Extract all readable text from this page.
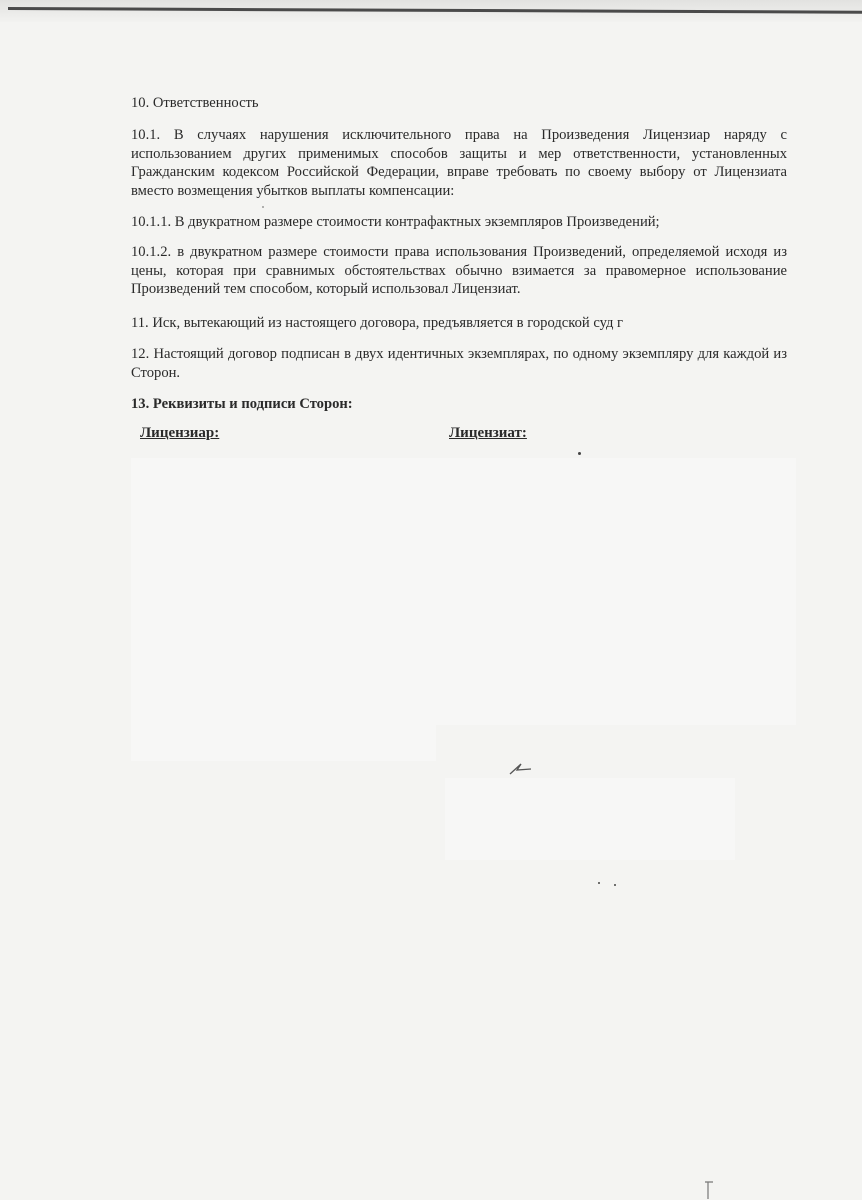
10. Ответственность

10.1. В случаях нарушения исключительного права на Произведения Лицензиар наряду с использованием других применимых способов защиты и мер ответственности, установленных Гражданским кодексом Российской Федерации, вправе требовать по своему выбору от Лицензиата вместо возмещения убытков выплаты компенсации:

10.1.1. В двукратном размере стоимости контрафактных экземпляров Произведений;

10.1.2. в двукратном размере стоимости права использования Произведений, определяемой исходя из цены, которая при сравнимых обстоятельствах обычно взимается за правомерное использование Произведений тем способом, который использовал Лицензиат.

11. Иск, вытекающий из настоящего договора, предъявляется в городской суд г

12. Настоящий договор подписан в двух идентичных экземплярах, по одному экземпляру для каждой из Сторон.

13. Реквизиты и подписи Сторон:

Лицензиар:	Лицензиат:
